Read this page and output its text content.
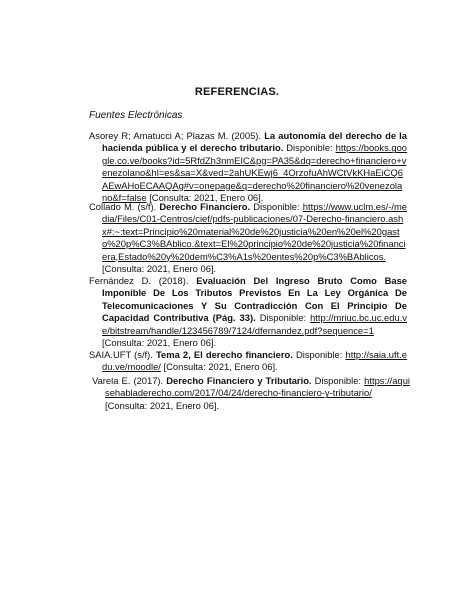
REFERENCIAS.
Fuentes Electrónicas
Asorey R; Amatucci A; Plazas M. (2005). La autonomía del derecho de la hacienda pública y el derecho tributario. Disponible: https://books.google.co.ve/books?id=5RfdZh3nmEIC&pg=PA35&dq=derecho+financiero+venezolano&hl=es&sa=X&ved=2ahUKEwj6_4OrzofuAhWCtVkKHaEiCQ6AEwAHoECAAQAg#v=onepage&q=derecho%20financiero%20venezolano&f=false [Consulta: 2021, Enero 06].
Collado M. (s/f). Derecho Financiero. Disponible: https://www.uclm.es/-/media/Files/C01-Centros/cief/pdfs-publicaciones/07-Derecho-financiero.ashx#:~:text=Principio%20material%20de%20justicia%20en%20el%20gasto%20p%C3%BAblico.&text=El%20principio%20de%20justicia%20financiera,Estado%20y%20dem%C3%A1s%20entes%20p%C3%BAblicos. [Consulta: 2021, Enero 06].
Fernández D. (2018). Evaluación Del Ingreso Bruto Como Base Imponible De Los Tributos Previstos En La Ley Orgánica De Telecomunicaciones Y Su Contradicción Con El Principio De Capacidad Contributiva (Pág. 33). Disponible: http://mriuc.bc.uc.edu.ve/bitstream/handle/123456789/7124/dfernandez.pdf?sequence=1 [Consulta: 2021, Enero 06].
SAIA.UFT (s/f). Tema 2, El derecho financiero. Disponible: http://saia.uft.edu.ve/moodle/ [Consulta: 2021, Enero 06].
Varela E. (2017). Derecho Financiero y Tributario. Disponible: https://aquisehabladerecho.com/2017/04/24/derecho-financiero-y-tributario/ [Consulta: 2021, Enero 06].
